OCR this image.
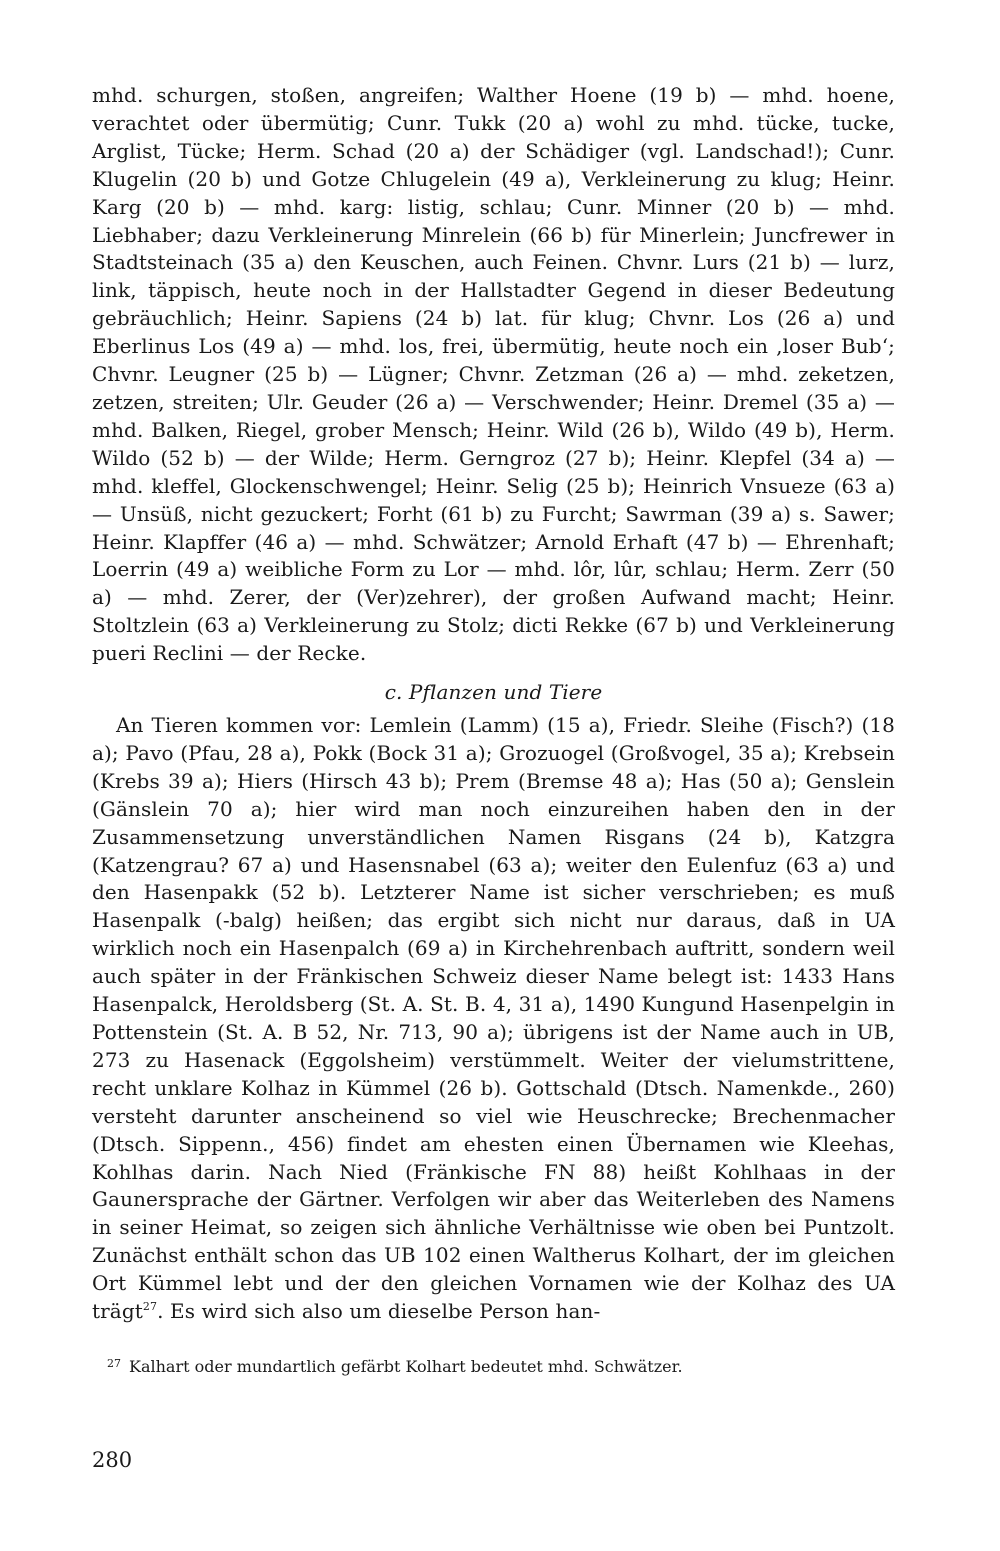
mhd. schurgen, stoßen, angreifen; Walther Hoene (19 b) — mhd. hoene, verachtet oder übermütig; Cunr. Tukk (20 a) wohl zu mhd. tücke, tucke, Arglist, Tücke; Herm. Schad (20 a) der Schädiger (vgl. Landschad!); Cunr. Klugelin (20 b) und Gotze Chlugelein (49 a), Verkleinerung zu klug; Heinr. Karg (20 b) — mhd. karg: listig, schlau; Cunr. Minner (20 b) — mhd. Liebhaber; dazu Verkleinerung Minrelein (66 b) für Minerlein; Juncfrewer in Stadtsteinach (35 a) den Keuschen, auch Feinen. Chvnr. Lurs (21 b) — lurz, link, täppisch, heute noch in der Hallstadter Gegend in dieser Bedeutung gebräuchlich; Heinr. Sapiens (24 b) lat. für klug; Chvnr. Los (26 a) und Eberlinus Los (49 a) — mhd. los, frei, übermütig, heute noch ein ‚loser Bub‘; Chvnr. Leugner (25 b) — Lügner; Chvnr. Zetzman (26 a) — mhd. zeketzen, zetzen, streiten; Ulr. Geuder (26 a) — Verschwender; Heinr. Dremel (35 a) — mhd. Balken, Riegel, grober Mensch; Heinr. Wild (26 b), Wildo (49 b), Herm. Wildo (52 b) — der Wilde; Herm. Gerngroz (27 b); Heinr. Klepfel (34 a) — mhd. kleffel, Glockenschwengel; Heinr. Selig (25 b); Heinrich Vnsueze (63 a) — Unsüß, nicht gezuckert; Forht (61 b) zu Furcht; Sawrman (39 a) s. Sawer; Heinr. Klapffer (46 a) — mhd. Schwätzer; Arnold Erhaft (47 b) — Ehrenhaft; Loerrin (49 a) weibliche Form zu Lor — mhd. lôr, lûr, schlau; Herm. Zerr (50 a) — mhd. Zerer, der (Ver)zehrer), der großen Aufwand macht; Heinr. Stoltzlein (63 a) Verkleinerung zu Stolz; dicti Rekke (67 b) und Verkleinerung pueri Reclini — der Recke.

c. Pflanzen und Tiere

An Tieren kommen vor: Lemlein (Lamm) (15 a), Friedr. Sleihe (Fisch?) (18 a); Pavo (Pfau, 28 a), Pokk (Bock 31 a); Grozuogel (Großvogel, 35 a); Krebsein (Krebs 39 a); Hiers (Hirsch 43 b); Prem (Bremse 48 a); Has (50 a); Genslein (Gänslein 70 a); hier wird man noch einzureihen haben den in der Zusammensetzung unverständlichen Namen Risgans (24 b), Katzgra (Katzengrau? 67 a) und Hasensnabel (63 a); weiter den Eulenfuz (63 a) und den Hasenpakk (52 b). Letzterer Name ist sicher verschrieben; es muß Hasenpalk (-balg) heißen; das ergibt sich nicht nur daraus, daß in UA wirklich noch ein Hasenpalch (69 a) in Kirchehrenbach auftritt, sondern weil auch später in der Fränkischen Schweiz dieser Name belegt ist: 1433 Hans Hasenpalck, Heroldsberg (St. A. St. B. 4, 31 a), 1490 Kungund Hasenpelgin in Pottenstein (St. A. B 52, Nr. 713, 90 a); übrigens ist der Name auch in UB, 273 zu Hasenack (Eggolsheim) verstümmelt. Weiter der vielumstrittene, recht unklare Kolhaz in Kümmel (26 b). Gottschald (Dtsch. Namenkde., 260) versteht darunter anscheinend so viel wie Heuschrecke; Brechenmacher (Dtsch. Sippenn., 456) findet am ehesten einen Übernamen wie Kleehas, Kohlhas darin. Nach Nied (Fränkische FN 88) heißt Kohlhaas in der Gaunersprache der Gärtner. Verfolgen wir aber das Weiterleben des Namens in seiner Heimat, so zeigen sich ähnliche Verhältnisse wie oben bei Puntzolt. Zunächst enthält schon das UB 102 einen Waltherus Kolhart, der im gleichen Ort Kümmel lebt und der den gleichen Vornamen wie der Kolhaz des UA trägt$^{27}$. Es wird sich also um dieselbe Person han-

$^{27}$ Kalhart oder mundartlich gefärbt Kolhart bedeutet mhd. Schwätzer.
280
